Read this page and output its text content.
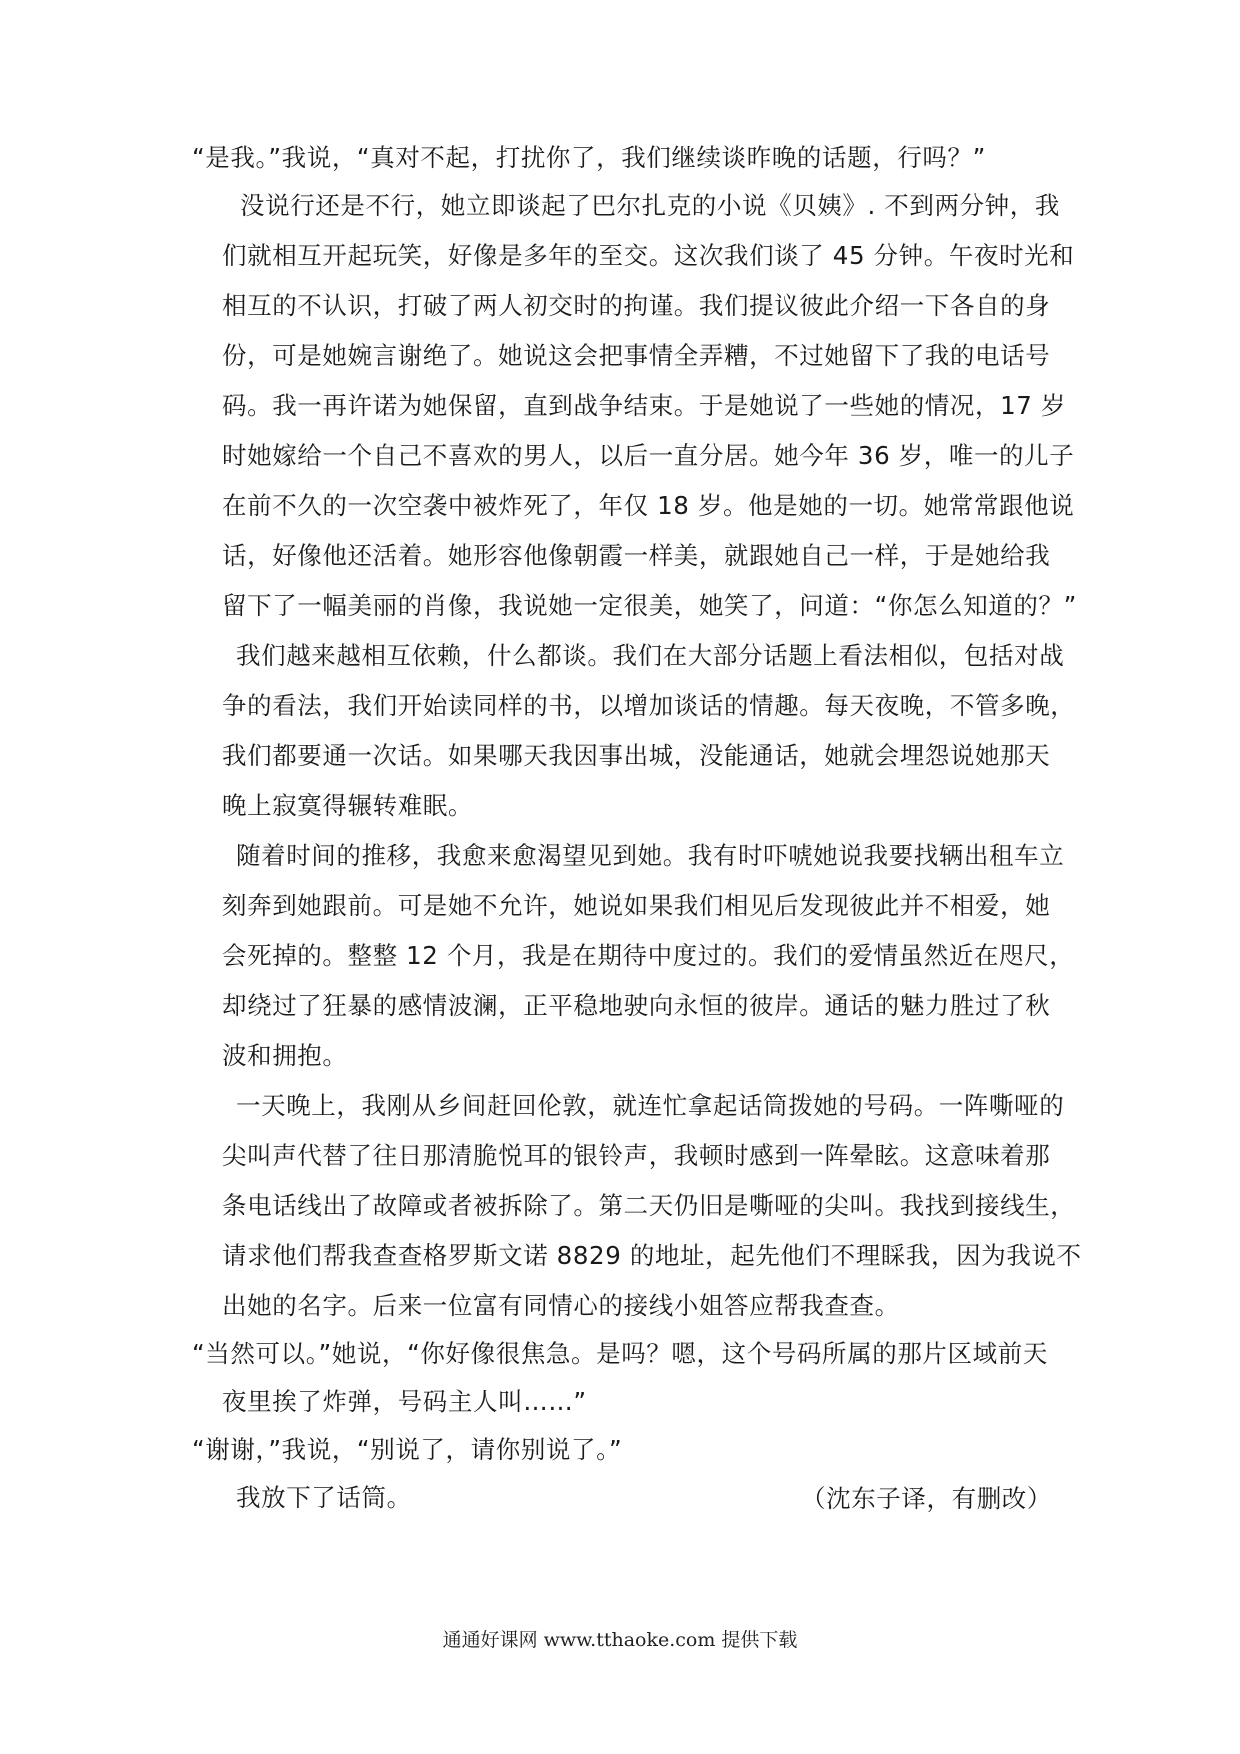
“是我。”我说，“真对不起，打扰你了，我们继续谈昨晚的话题，行吗？”
没说行还是不行，她立即谈起了巴尔扎克的小说《贝姨》. 不到两分钟，我
们就相互开起玩笑，好像是多年的至交。这次我们谈了 45 分钟。午夜时光和
相互的不认识，打破了两人初交时的拘谨。我们提议彼此介绍一下各自的身
份，可是她婉言谢绝了。她说这会把事情全弄糟，不过她留下了我的电话号
码。我一再许诺为她保留，直到战争结束。于是她说了一些她的情况，17 岁
时她嫁给一个自己不喜欢的男人，以后一直分居。她今年 36 岁，唯一的儿子
在前不久的一次空袭中被炸死了，年仅 18 岁。他是她的一切。她常常跟他说
话，好像他还活着。她形容他像朝霞一样美，就跟她自己一样，于是她给我
留下了一幅美丽的肖像，我说她一定很美，她笑了，问道：“你怎么知道的？”
我们越来越相互依赖，什么都谈。我们在大部分话题上看法相似，包括对战
争的看法，我们开始读同样的书，以增加谈话的情趣。每天夜晚，不管多晚，
我们都要通一次话。如果哪天我因事出城，没能通话，她就会埋怨说她那天
晚上寂寞得辗转难眠。
随着时间的推移，我愈来愈渴望见到她。我有时吓唬她说我要找辆出租车立
刻奔到她跟前。可是她不允许，她说如果我们相见后发现彼此并不相爱，她
会死掉的。整整 12 个月，我是在期待中度过的。我们的爱情虽然近在咫尺，
却绕过了狂暴的感情波澜，正平稳地驶向永恒的彼岸。通话的魅力胜过了秋
波和拥抱。
一天晚上，我刚从乡间赶回伦敦，就连忙拿起话筒拨她的号码。一阵嘶哑的
尖叫声代替了往日那清脆悦耳的银铃声，我顿时感到一阵晕眩。这意味着那
条电话线出了故障或者被拆除了。第二天仍旧是嘶哑的尖叫。我找到接线生，
请求他们帮我查查格罗斯文诺 8829 的地址，起先他们不理睬我，因为我说不
出她的名字。后来一位富有同情心的接线小姐答应帮我查查。
“当然可以。”她说，“你好像很焦急。是吗？嗯，这个号码所属的那片区域前天
夜里挨了炸弹，号码主人叫……”
“谢谢，”我说，“别说了，请你别说了。”
我放下了话筒。	（沈东子译，有删改）
通通好课网 www.tthaoke.com 提供下载
